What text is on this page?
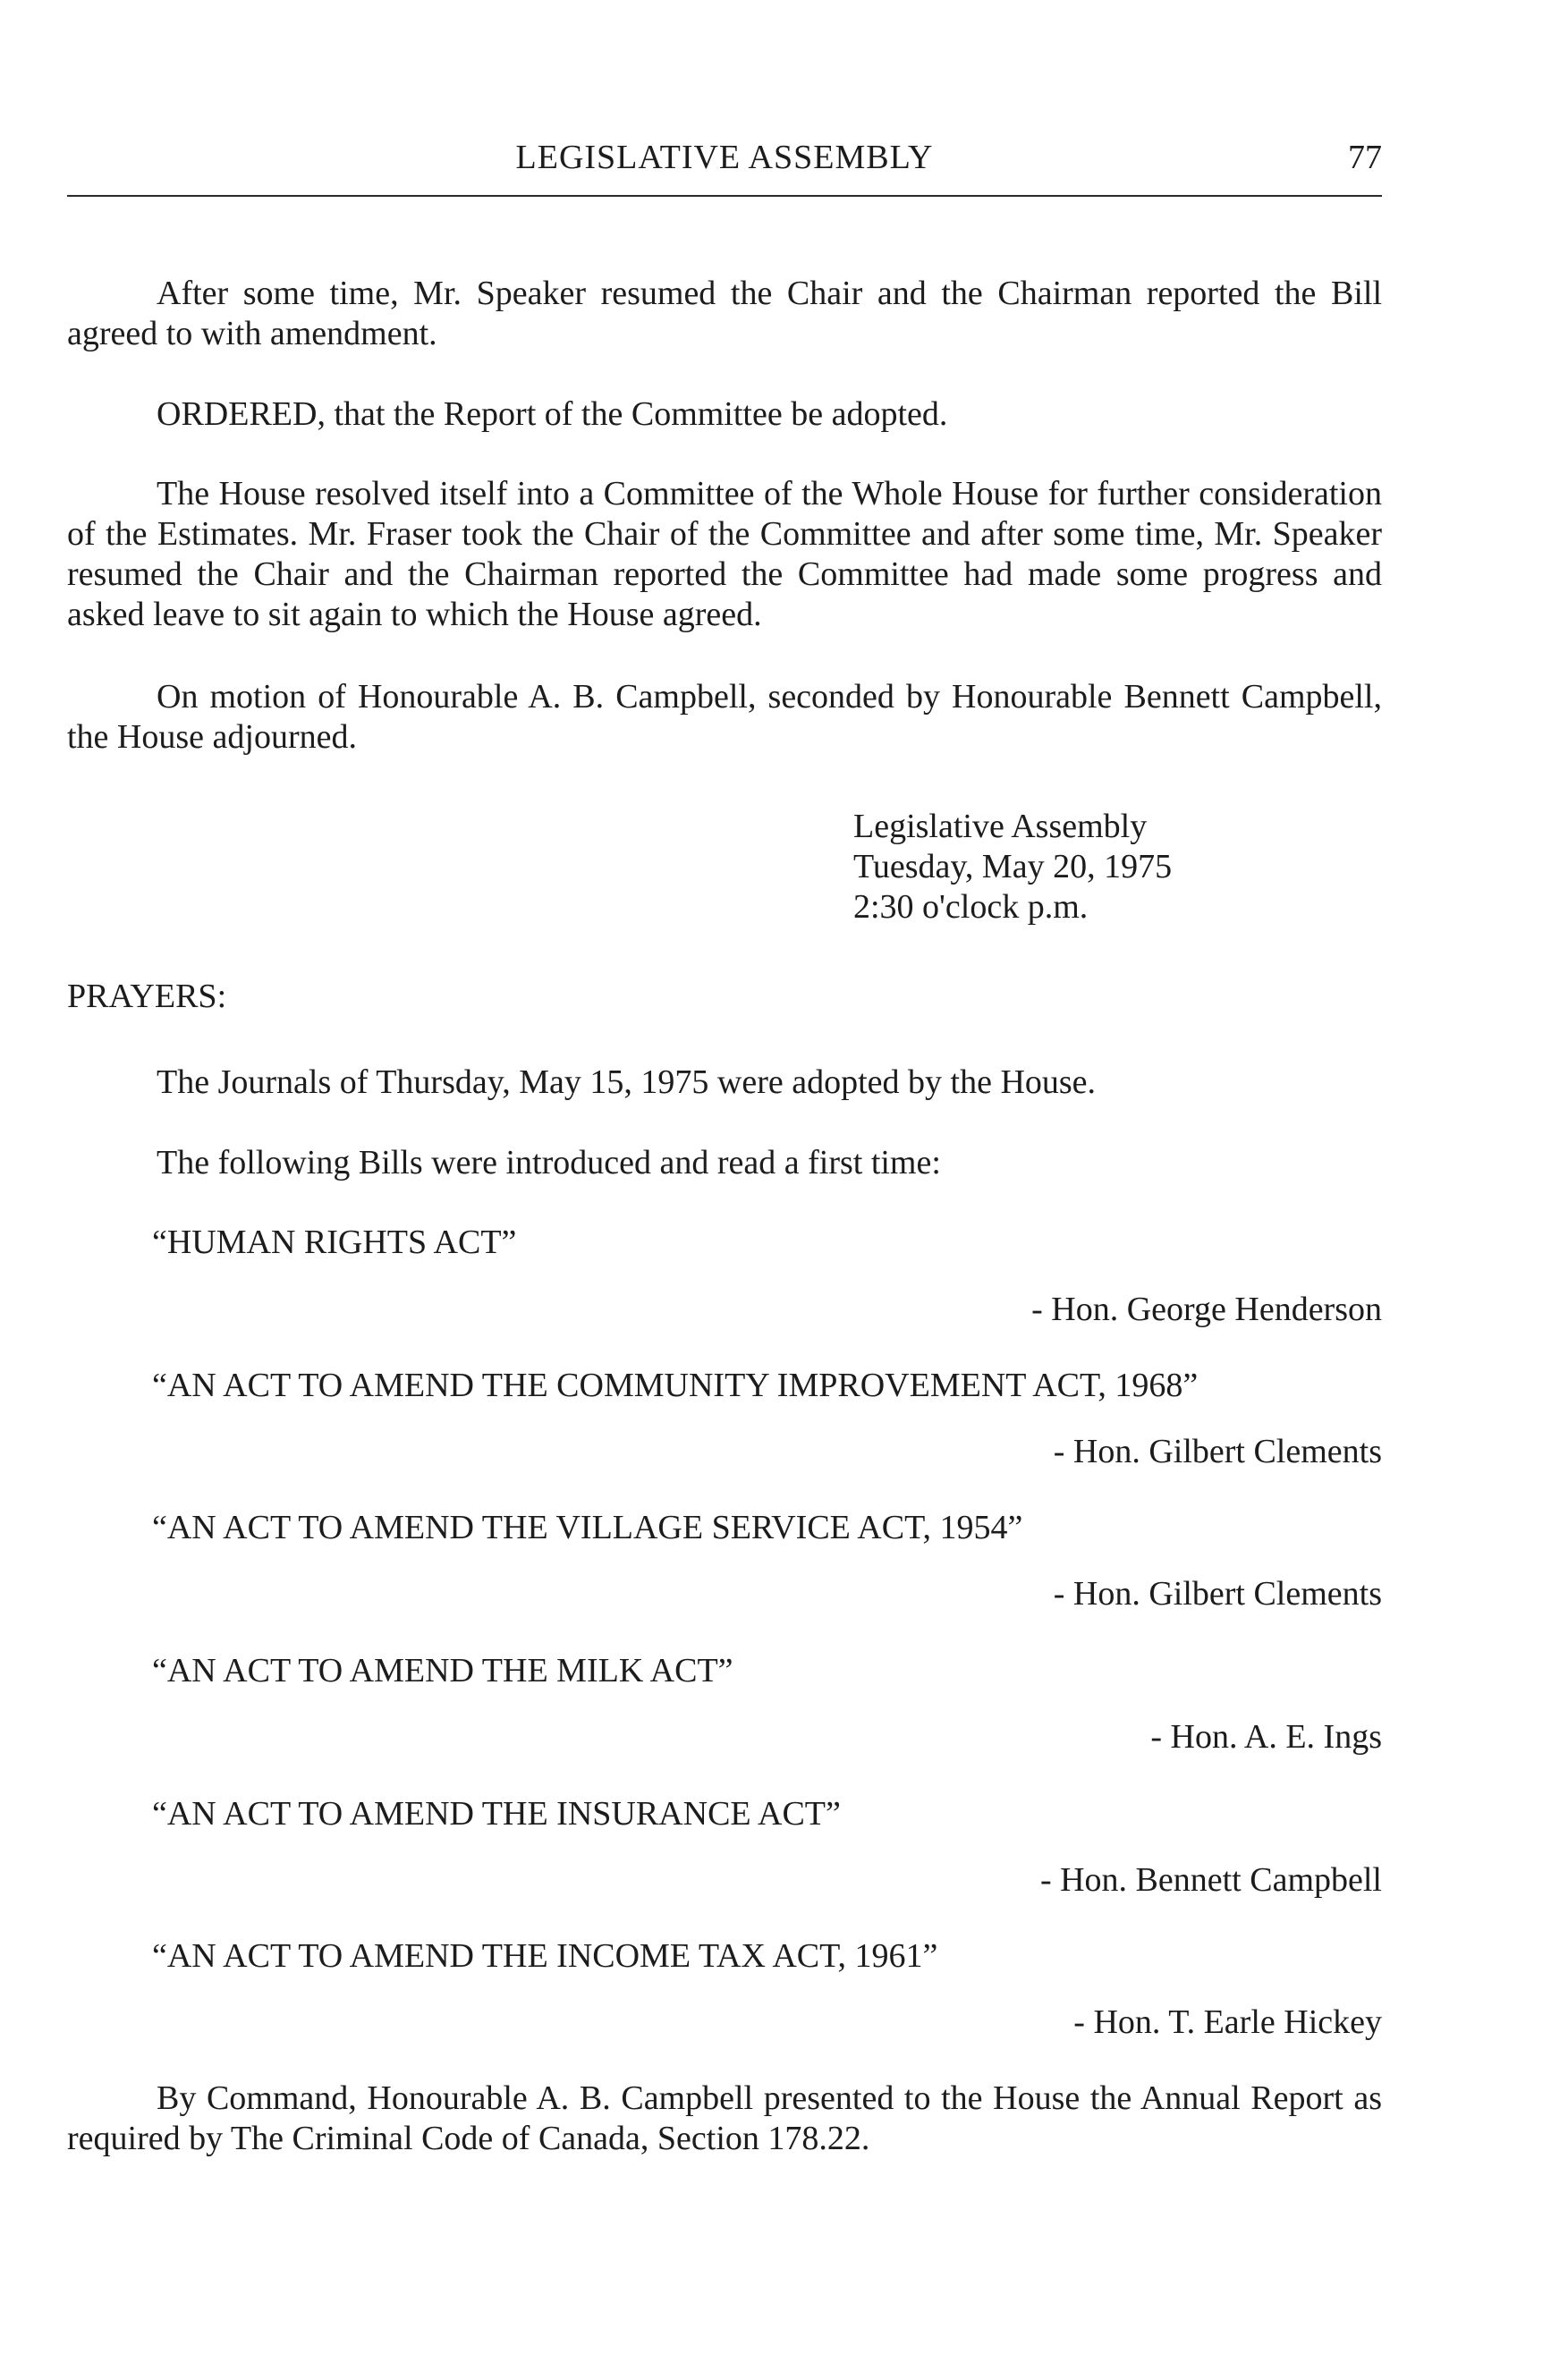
LEGISLATIVE ASSEMBLY	77

After some time, Mr. Speaker resumed the Chair and the Chairman reported the Bill agreed to with amendment.

ORDERED, that the Report of the Committee be adopted.

The House resolved itself into a Committee of the Whole House for further consideration of the Estimates. Mr. Fraser took the Chair of the Committee and after some time, Mr. Speaker resumed the Chair and the Chairman reported the Committee had made some progress and asked leave to sit again to which the House agreed.

On motion of Honourable A. B. Campbell, seconded by Honourable Bennett Campbell, the House adjourned.

Legislative Assembly
Tuesday, May 20, 1975
2:30 o'clock p.m.
PRAYERS:
The Journals of Thursday, May 15, 1975 were adopted by the House.
The following Bills were introduced and read a first time:
“HUMAN RIGHTS ACT”
- Hon. George Henderson
“AN ACT TO AMEND THE COMMUNITY IMPROVEMENT ACT, 1968”
- Hon. Gilbert Clements
“AN ACT TO AMEND THE VILLAGE SERVICE ACT, 1954”
- Hon. Gilbert Clements
“AN ACT TO AMEND THE MILK ACT”
- Hon. A. E. Ings
“AN ACT TO AMEND THE INSURANCE ACT”
- Hon. Bennett Campbell
“AN ACT TO AMEND THE INCOME TAX ACT, 1961”
- Hon. T. Earle Hickey

By Command, Honourable A. B. Campbell presented to the House the Annual Report as required by The Criminal Code of Canada, Section 178.22.
